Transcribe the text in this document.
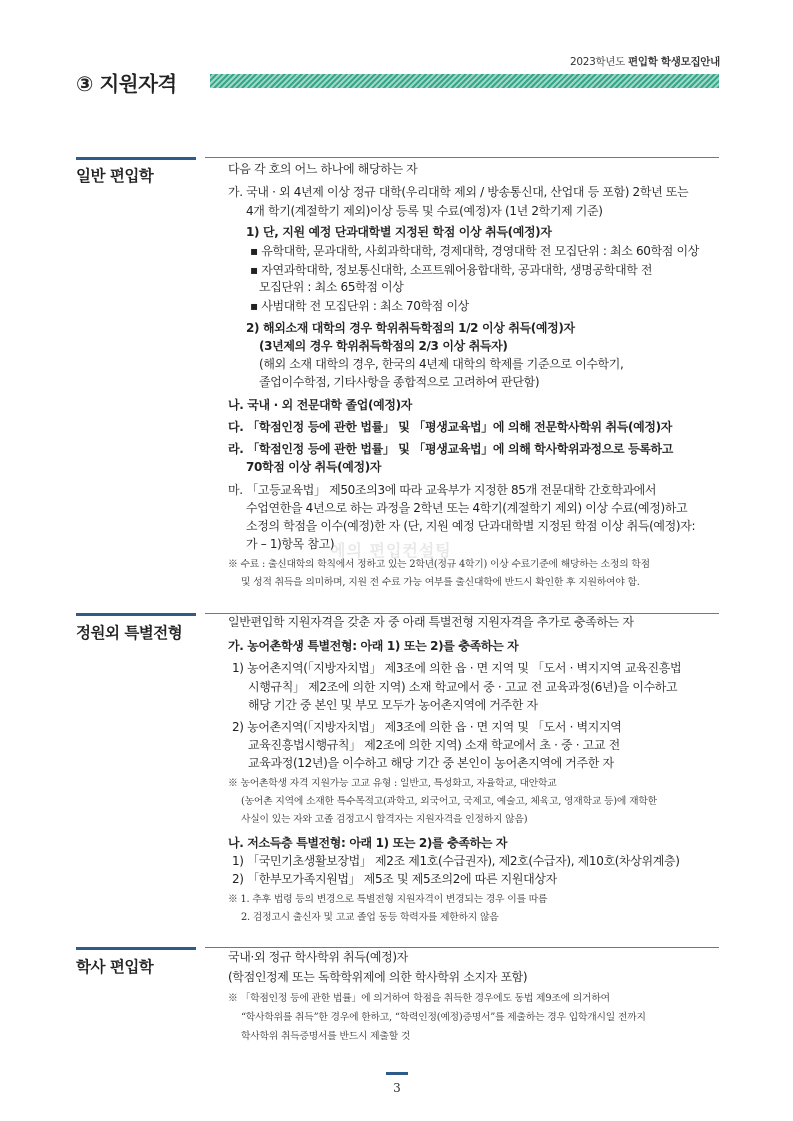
2023학년도 편입학 학생모집안내
③ 지원자격
일반 편입학	다음 각 호의 어느 하나에 해당하는 자
가. 국내 · 외 4년제 이상 정규 대학(우리대학 제외 / 방송통신대, 산업대 등 포함) 2학년 또는
4개 학기(계절학기 제외)이상 등록 및 수료(예정)자 (1년 2학기제 기준)
1) 단, 지원 예정 단과대학별 지정된 학점 이상 취득(예정)자
▪ 유학대학, 문과대학, 사회과학대학, 경제대학, 경영대학 전 모집단위 : 최소 60학점 이상
▪ 자연과학대학, 정보통신대학, 소프트웨어융합대학, 공과대학, 생명공학대학 전
모집단위 : 최소 65학점 이상
▪ 사범대학 전 모집단위 : 최소 70학점 이상
2) 해외소재 대학의 경우 학위취득학점의 1/2 이상 취득(예정)자
(3년제의 경우 학위취득학점의 2/3 이상 취득자)
(해외 소재 대학의 경우, 한국의 4년제 대학의 학제를 기준으로 이수학기,
졸업이수학점, 기타사항을 종합적으로 고려하여 판단함)
나. 국내 · 외 전문대학 졸업(예정)자
다. 「학점인정 등에 관한 법률」 및 「평생교육법」에 의해 전문학사학위 취득(예정)자
라. 「학점인정 등에 관한 법률」 및 「평생교육법」에 의해 학사학위과정으로 등록하고
70학점 이상 취득(예정)자
마. 「고등교육법」 제50조의3에 따라 교육부가 지정한 85개 전문대학 간호학과에서
수업연한을 4년으로 하는 과정을 2학년 또는 4학기(계절학기 제외) 이상 수료(예정)하고
소정의 학점을 이수(예정)한 자 (단, 지원 예정 단과대학별 지정된 학점 이상 취득(예정)자:
가 – 1)항목 참고)
※ 수료 : 출신대학의 학칙에서 정하고 있는 2학년(정규 4학기) 이상 수료기준에 해당하는 소정의 학점
및 성적 취득을 의미하며, 지원 전 수료 가능 여부를 출신대학에 반드시 확인한 후 지원하여야 함.
에의 편입컨설팅
정원외 특별전형
일반편입학 지원자격을 갖춘 자 중 아래 특별전형 지원자격을 추가로 충족하는 자
가. 농어촌학생 특별전형: 아래 1) 또는 2)를 충족하는 자
1) 농어촌지역(「지방자치법」 제3조에 의한 읍 · 면 지역 및 「도서 · 벽지지역 교육진흥법
시행규칙」 제2조에 의한 지역) 소재 학교에서 중 · 고교 전 교육과정(6년)을 이수하고
해당 기간 중 본인 및 부모 모두가 농어촌지역에 거주한 자
2) 농어촌지역(「지방자치법」 제3조에 의한 읍 · 면 지역 및 「도서 · 벽지지역
교육진흥법시행규칙」 제2조에 의한 지역) 소재 학교에서 초 · 중 · 고교 전
교육과정(12년)을 이수하고 해당 기간 중 본인이 농어촌지역에 거주한 자
※ 농어촌학생 자격 지원가능 고교 유형 : 일반고, 특성화고, 자율학교, 대안학교
(농어촌 지역에 소재한 특수목적고(과학고, 외국어고, 국제고, 예술고, 체육고, 영재학교 등)에 재학한
사실이 있는 자와 고졸 검정고시 합격자는 지원자격을 인정하지 않음)
나. 저소득층 특별전형: 아래 1) 또는 2)를 충족하는 자
1) 「국민기초생활보장법」 제2조 제1호(수급권자), 제2호(수급자), 제10호(차상위계층)
2) 「한부모가족지원법」 제5조 및 제5조의2에 따른 지원대상자
※ 1. 추후 법령 등의 변경으로 특별전형 지원자격이 변경되는 경우 이를 따름
2. 검정고시 출신자 및 고교 졸업 동등 학력자를 제한하지 않음
학사 편입학
국내·외 정규 학사학위 취득(예정)자
(학점인정제 또는 독학학위제에 의한 학사학위 소지자 포함)
※ 「학점인정 등에 관한 법률」에 의거하여 학점을 취득한 경우에도 동법 제9조에 의거하여
“학사학위를 취득”한 경우에 한하고, “학력인정(예정)증명서”를 제출하는 경우 입학개시일 전까지
학사학위 취득증명서를 반드시 제출할 것
3
